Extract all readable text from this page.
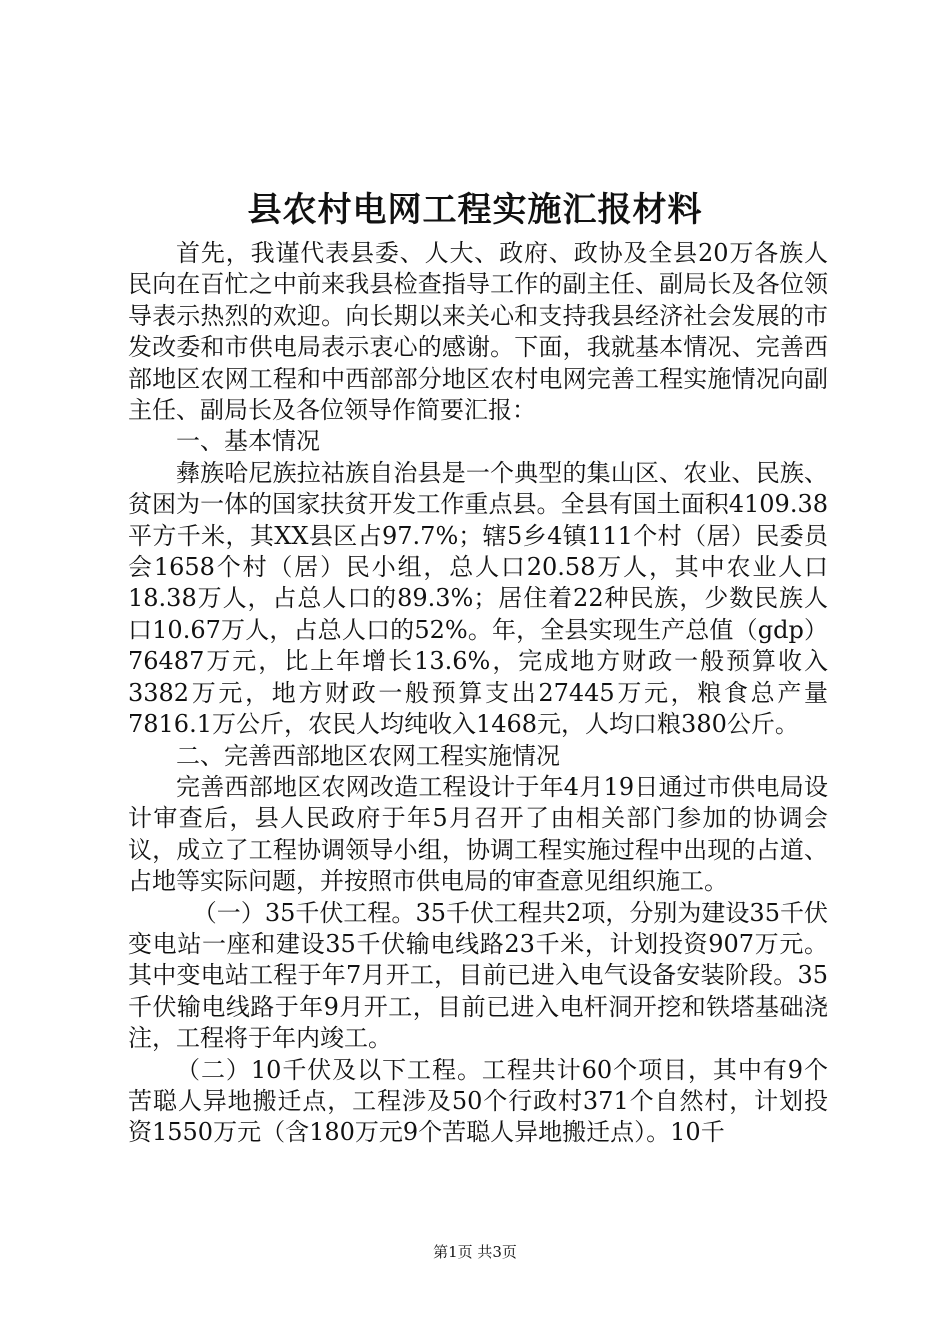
县农村电网工程实施汇报材料

首先，我谨代表县委、人大、政府、政协及全县20万各族人民向在百忙之中前来我县检查指导工作的副主任、副局长及各位领导表示热烈的欢迎。向长期以来关心和支持我县经济社会发展的市发改委和市供电局表示衷心的感谢。下面，我就基本情况、完善西部地区农网工程和中西部部分地区农村电网完善工程实施情况向副主任、副局长及各位领导作简要汇报：

一、基本情况

彝族哈尼族拉祜族自治县是一个典型的集山区、农业、民族、贫困为一体的国家扶贫开发工作重点县。全县有国土面积4109.38平方千米，其XX县区占97.7%；辖5乡4镇111个村（居）民委员会1658个村（居）民小组，总人口20.58万人，其中农业人口18.38万人，占总人口的89.3%；居住着22种民族，少数民族人口10.67万人，占总人口的52%。年，全县实现生产总值（gdp）76487万元，比上年增长13.6%，完成地方财政一般预算收入3382万元，地方财政一般预算支出27445万元，粮食总产量7816.1万公斤，农民人均纯收入1468元，人均口粮380公斤。

二、完善西部地区农网工程实施情况

完善西部地区农网改造工程设计于年4月19日通过市供电局设计审查后，县人民政府于年5月召开了由相关部门参加的协调会议，成立了工程协调领导小组，协调工程实施过程中出现的占道、占地等实际问题，并按照市供电局的审查意见组织施工。

（一）35千伏工程。35千伏工程共2项，分别为建设35千伏变电站一座和建设35千伏输电线路23千米，计划投资907万元。其中变电站工程于年7月开工，目前已进入电气设备安装阶段。35千伏输电线路于年9月开工，目前已进入电杆洞开挖和铁塔基础浇注，工程将于年内竣工。

（二）10千伏及以下工程。工程共计60个项目，其中有9个苦聪人异地搬迁点，工程涉及50个行政村371个自然村，计划投资1550万元（含180万元9个苦聪人异地搬迁点）。10千

第1页 共3页
